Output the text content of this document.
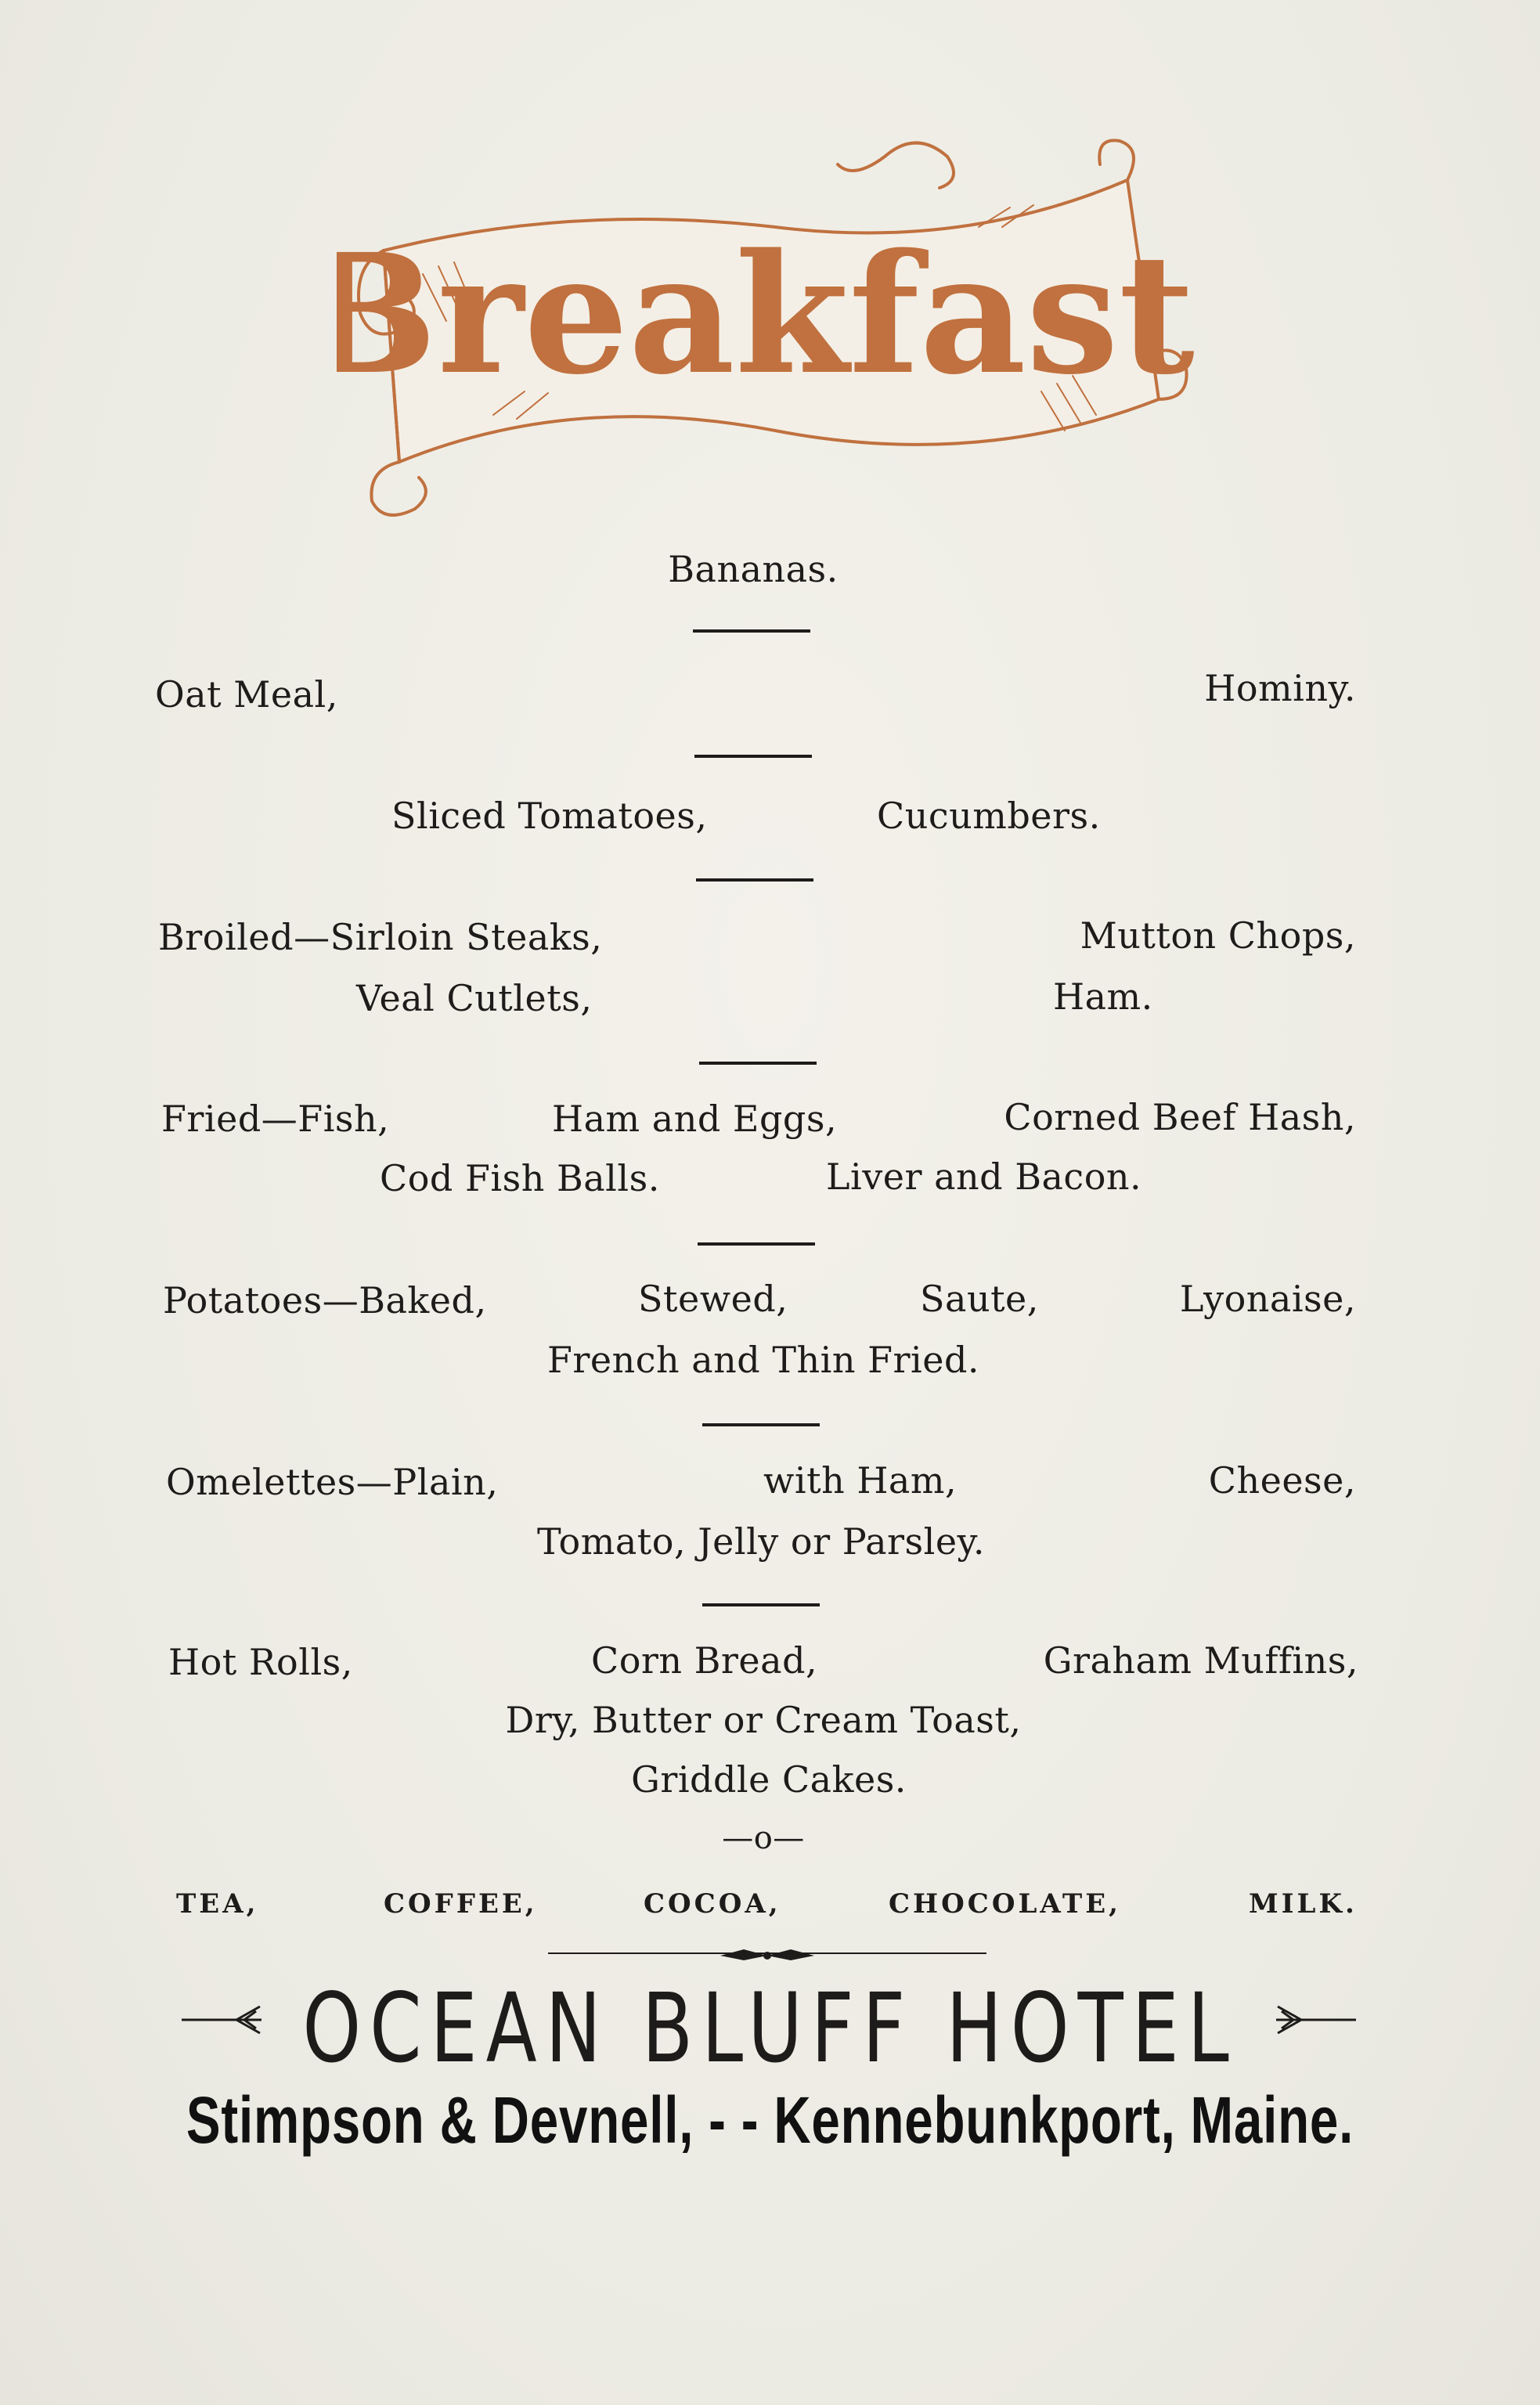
Breakfast.
Bananas.
Oat Meal,	Hominy.
Sliced Tomatoes,	Cucumbers.
Broiled—Sirloin Steaks,	Mutton Chops,
Veal Cutlets,	Ham.
Fried—Fish,	Ham and Eggs,	Corned Beef Hash,
Cod Fish Balls.	Liver and Bacon.
Potatoes—Baked,	Stewed,	Saute,	Lyonaise,
French and Thin Fried.
Omelettes—Plain,	with Ham,	Cheese,
Tomato, Jelly or Parsley.
Hot Rolls,	Corn Bread,	Graham Muffins,
Dry, Butter or Cream Toast,
Griddle Cakes.
—o—
TEA,	COFFEE,	COCOA,	CHOCOLATE,	MILK.
OCEAN BLUFF HOTEL
Stimpson & Devnell, - - Kennebunkport, Maine.
